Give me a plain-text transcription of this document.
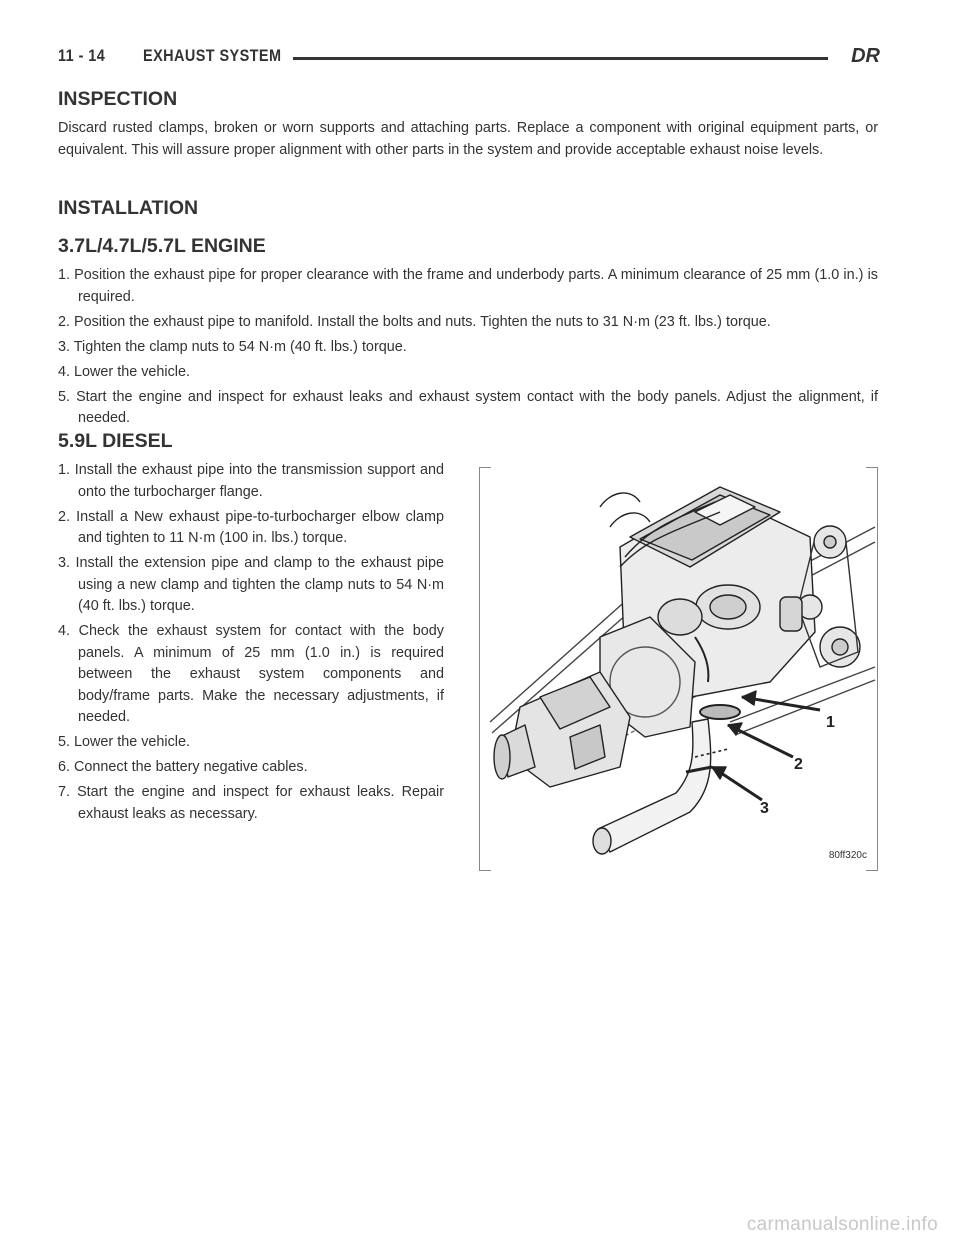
11 - 14 EXHAUST SYSTEM	DR
INSPECTION

Discard rusted clamps, broken or worn supports and attaching parts. Replace a component with original equipment parts, or equivalent. This will assure proper alignment with other parts in the system and provide acceptable exhaust noise levels.

INSTALLATION
3.7L/4.7L/5.7L ENGINE
1. Position the exhaust pipe for proper clearance with the frame and underbody parts. A minimum clearance of 25 mm (1.0 in.) is required.
2. Position the exhaust pipe to manifold. Install the bolts and nuts. Tighten the nuts to 31 N·m (23 ft. lbs.) torque.
3. Tighten the clamp nuts to 54 N·m (40 ft. lbs.) torque.
4. Lower the vehicle.
5. Start the engine and inspect for exhaust leaks and exhaust system contact with the body panels. Adjust the alignment, if needed.
5.9L DIESEL
1. Install the exhaust pipe into the transmission support and onto the turbocharger flange.
2. Install a New exhaust pipe-to-turbocharger elbow clamp and tighten to 11 N·m (100 in. lbs.) torque.
3. Install the extension pipe and clamp to the exhaust pipe using a new clamp and tighten the clamp nuts to 54 N·m (40 ft. lbs.) torque.
4. Check the exhaust system for contact with the body panels. A minimum of 25 mm (1.0 in.) is required between the exhaust system components and body/frame parts. Make the necessary adjustments, if needed.
5. Lower the vehicle.
6. Connect the battery negative cables.
7. Start the engine and inspect for exhaust leaks. Repair exhaust leaks as necessary.
1
2
3
80ff320c
carmanualsonline.info
